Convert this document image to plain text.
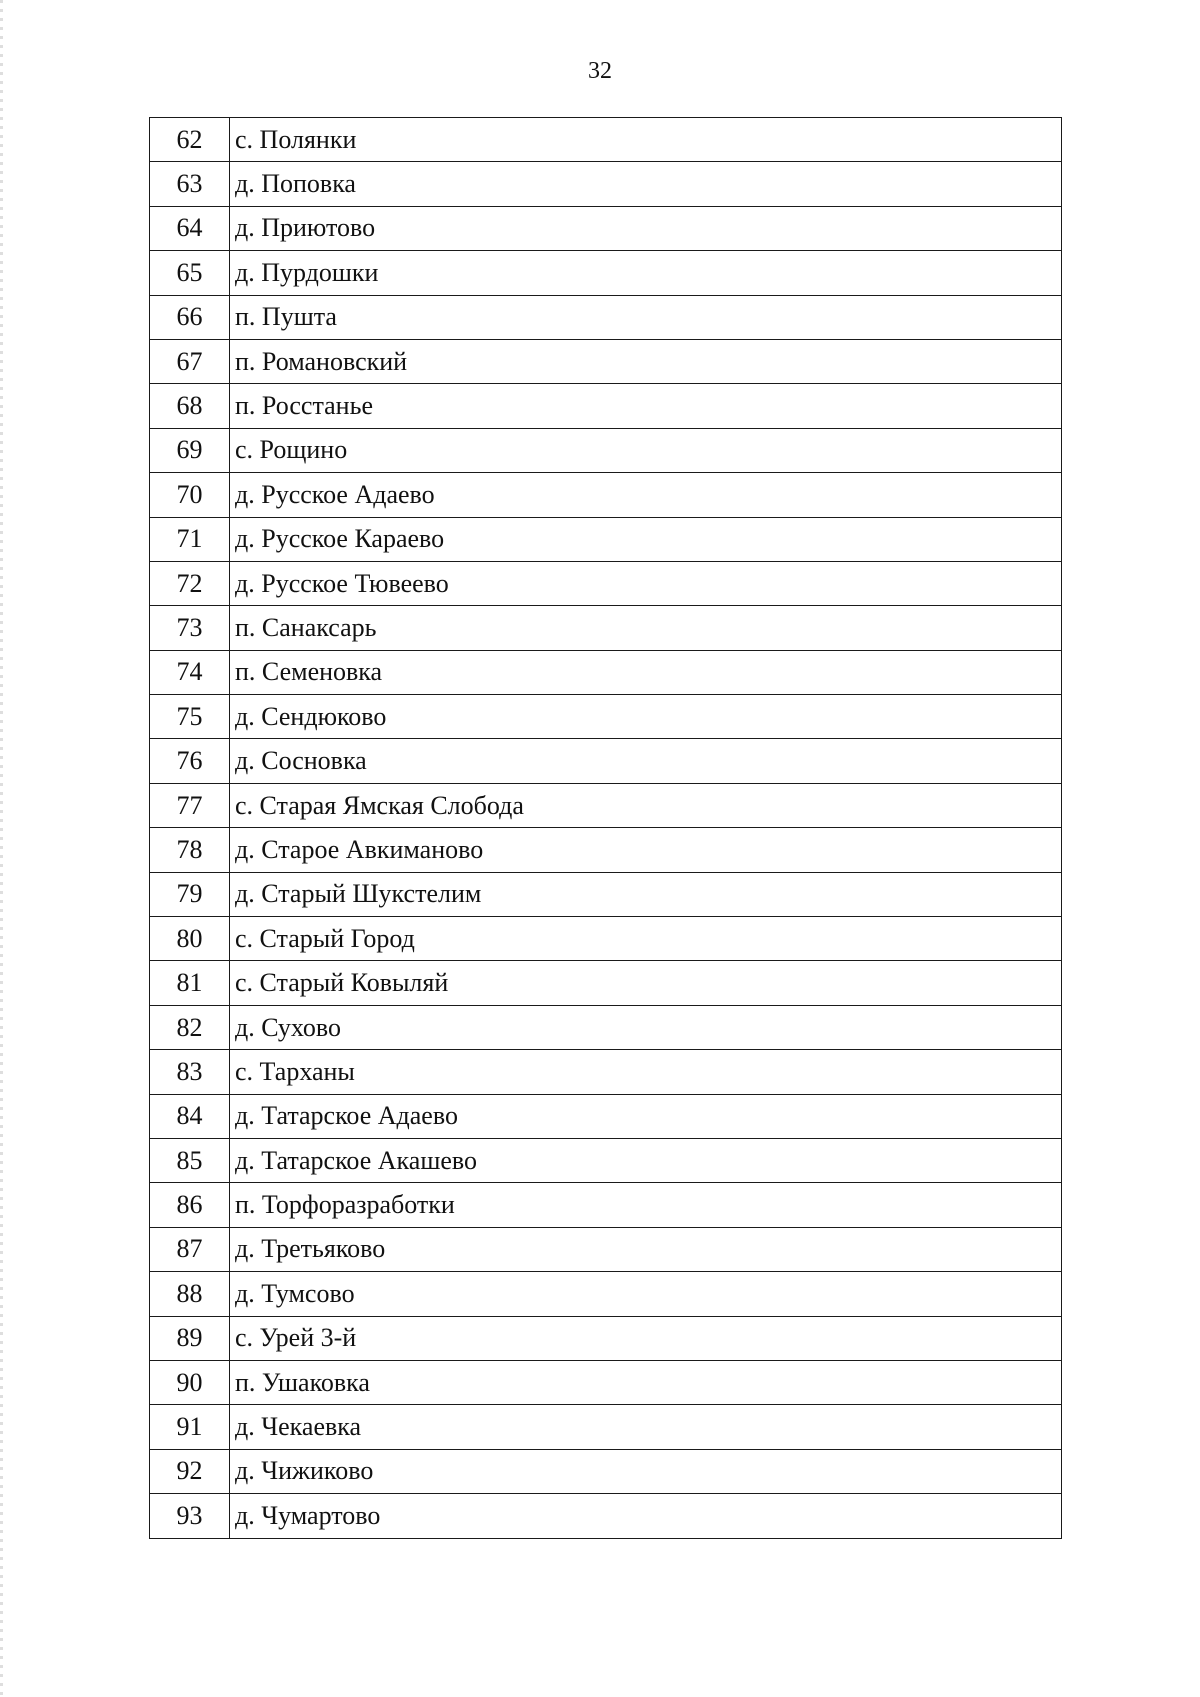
32
62	с. Полянки
63	д. Поповка
64	д. Приютово
65	д. Пурдошки
66	п. Пушта
67	п. Романовский
68	п. Росстанье
69	с. Рощино
70	д. Русское Адаево
71	д. Русское Караево
72	д. Русское Тювеево
73	п. Санаксарь
74	п. Семеновка
75	д. Сендюково
76	д. Сосновка
77	с. Старая Ямская Слобода
78	д. Старое Авкиманово
79	д. Старый Шукстелим
80	с. Старый Город
81	с. Старый Ковыляй
82	д. Сухово
83	с. Тарханы
84	д. Татарское Адаево
85	д. Татарское Акашево
86	п. Торфоразработки
87	д. Третьяково
88	д. Тумсово
89	с. Урей 3-й
90	п. Ушаковка
91	д. Чекаевка
92	д. Чижиково
93	д. Чумартово
